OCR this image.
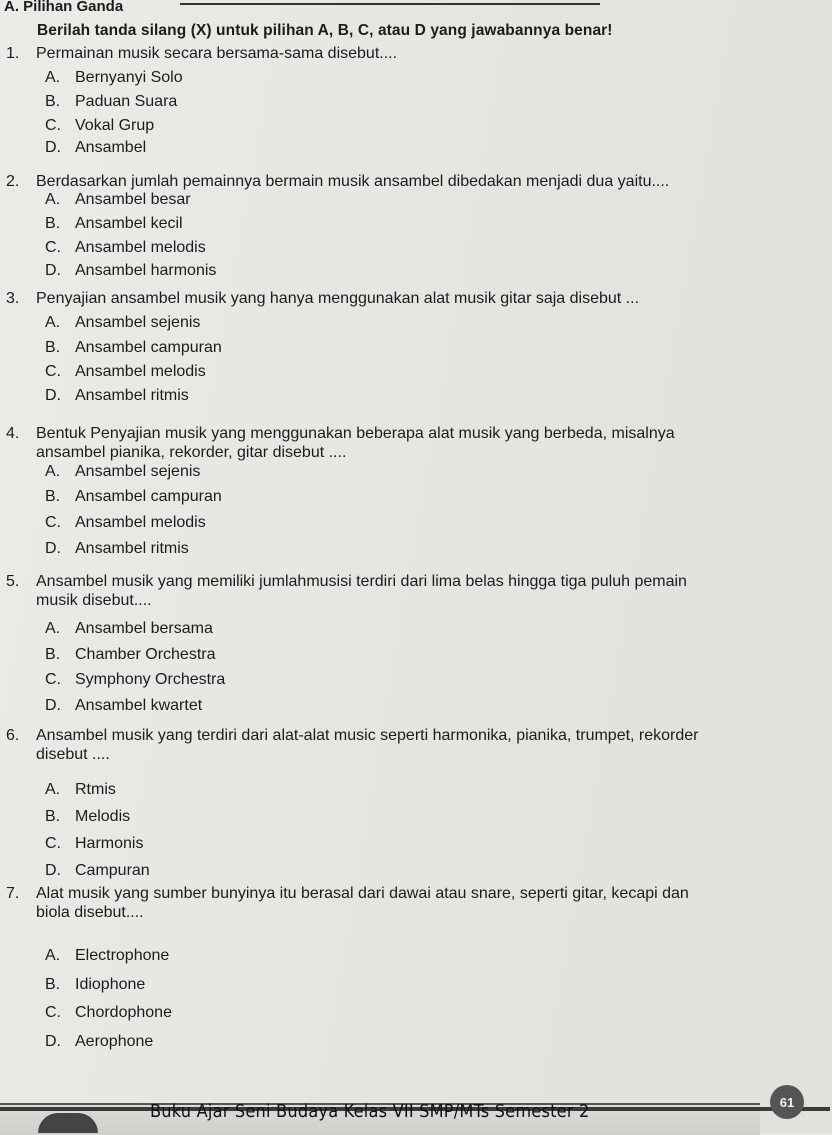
A. Pilihan Ganda
Berilah tanda silang (X) untuk pilihan A, B, C, atau D yang jawabannya benar!
1. Permainan musik secara bersama-sama disebut....
A. Bernyanyi Solo
B. Paduan Suara
C. Vokal Grup
D. Ansambel
2. Berdasarkan jumlah pemainnya bermain musik ansambel dibedakan menjadi dua yaitu....
A. Ansambel besar
B. Ansambel kecil
C. Ansambel melodis
D. Ansambel harmonis
3. Penyajian ansambel musik yang hanya menggunakan alat musik gitar saja disebut ...
A. Ansambel sejenis
B. Ansambel campuran
C. Ansambel melodis
D. Ansambel ritmis
4. Bentuk Penyajian musik yang menggunakan beberapa alat musik yang berbeda, misalnya
ansambel pianika, rekorder, gitar disebut ....
A. Ansambel sejenis
B. Ansambel campuran
C. Ansambel melodis
D. Ansambel ritmis
5. Ansambel musik yang memiliki jumlahmusisi terdiri dari lima belas hingga tiga puluh pemain
musik disebut....
A. Ansambel bersama
B. Chamber Orchestra
C. Symphony Orchestra
D. Ansambel kwartet
6. Ansambel musik yang terdiri dari alat-alat music seperti harmonika, pianika, trumpet, rekorder
disebut ....
A. Rtmis
B. Melodis
C. Harmonis
D. Campuran
7. Alat musik yang sumber bunyinya itu berasal dari dawai atau snare, seperti gitar, kecapi dan
biola disebut....
A. Electrophone
B. Idiophone
C. Chordophone
D. Aerophone
Buku Ajar Seni Budaya Kelas VII SMP/MTs Semester 2	61
